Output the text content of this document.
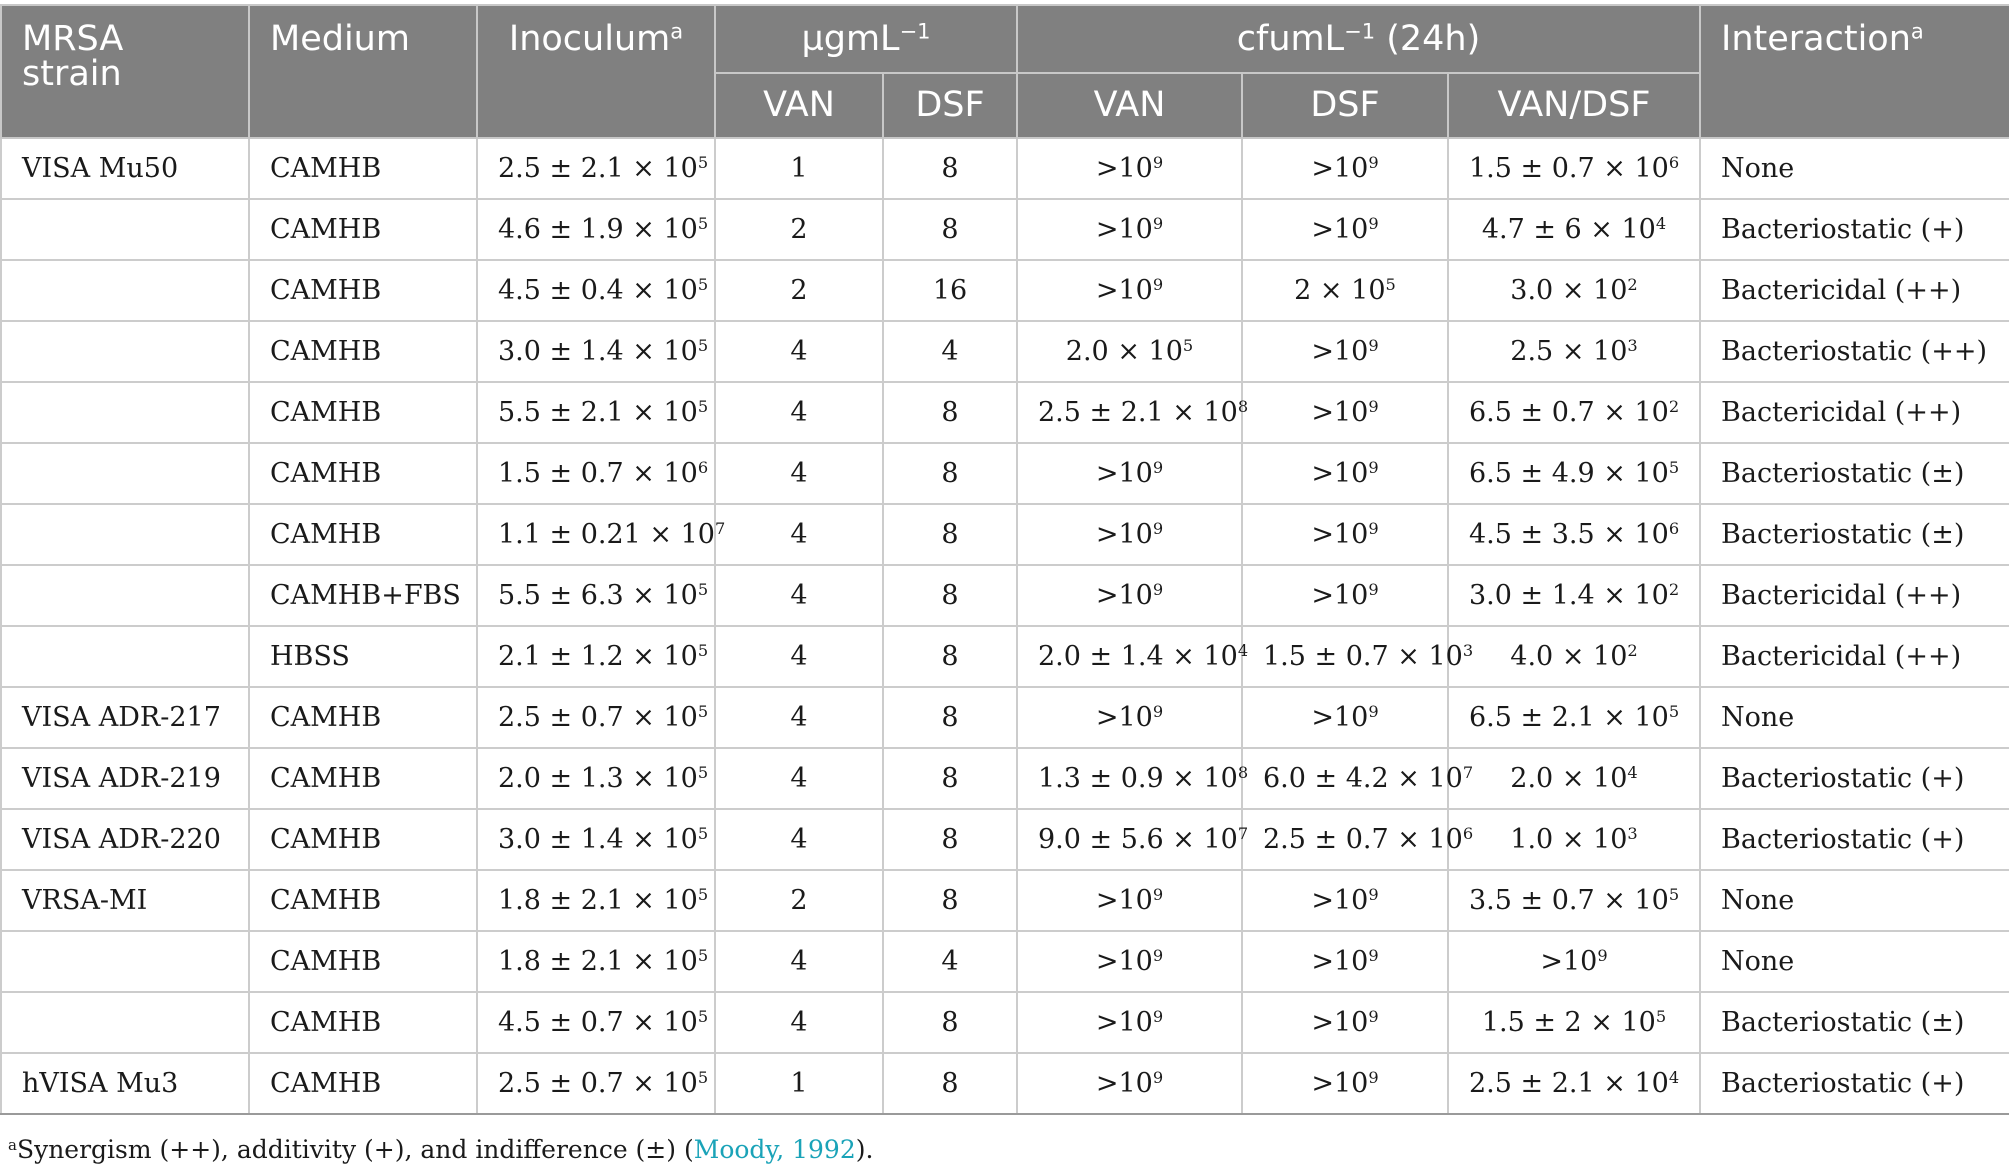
MRSA strain	Medium	Inoculum$^a$	µgmL$^{-1}$		cfumL$^{-1}$ (24h)			Interaction$^a$
			VAN	DSF	VAN	DSF	VAN/DSF	
VISA Mu50	CAMHB	$2.5 \pm 2.1 \times 10^5$	1	8	$>10^9$	$>10^9$	$1.5 \pm 0.7 \times 10^6$	None
	CAMHB	$4.6 \pm 1.9 \times 10^5$	2	8	$>10^9$	$>10^9$	$4.7 \pm 6 \times 10^4$	Bacteriostatic (+)
	CAMHB	$4.5 \pm 0.4 \times 10^5$	2	16	$>10^9$	$2 \times 10^5$	$3.0 \times 10^2$	Bactericidal (++)
	CAMHB	$3.0 \pm 1.4 \times 10^5$	4	4	$2.0 \times 10^5$	$>10^9$	$2.5 \times 10^3$	Bacteriostatic (++)
	CAMHB	$5.5 \pm 2.1 \times 10^5$	4	8	$2.5 \pm 2.1 \times 10^8$	$>10^9$	$6.5 \pm 0.7 \times 10^2$	Bactericidal (++)
	CAMHB	$1.5 \pm 0.7 \times 10^6$	4	8	$>10^9$	$>10^9$	$6.5 \pm 4.9 \times 10^5$	Bacteriostatic (±)
	CAMHB	$1.1 \pm 0.21 \times 10^7$	4	8	$>10^9$	$>10^9$	$4.5 \pm 3.5 \times 10^6$	Bacteriostatic (±)
	CAMHB+FBS	$5.5 \pm 6.3 \times 10^5$	4	8	$>10^9$	$>10^9$	$3.0 \pm 1.4 \times 10^2$	Bactericidal (++)
	HBSS	$2.1 \pm 1.2 \times 10^5$	4	8	$2.0 \pm 1.4 \times 10^4$	$1.5 \pm 0.7 \times 10^3$	$4.0 \times 10^2$	Bactericidal (++)
VISA ADR-217	CAMHB	$2.5 \pm 0.7 \times 10^5$	4	8	$>10^9$	$>10^9$	$6.5 \pm 2.1 \times 10^5$	None
VISA ADR-219	CAMHB	$2.0 \pm 1.3 \times 10^5$	4	8	$1.3 \pm 0.9 \times 10^8$	$6.0 \pm 4.2 \times 10^7$	$2.0 \times 10^4$	Bacteriostatic (+)
VISA ADR-220	CAMHB	$3.0 \pm 1.4 \times 10^5$	4	8	$9.0 \pm 5.6 \times 10^7$	$2.5 \pm 0.7 \times 10^6$	$1.0 \times 10^3$	Bacteriostatic (+)
VRSA-MI	CAMHB	$1.8 \pm 2.1 \times 10^5$	2	8	$>10^9$	$>10^9$	$3.5 \pm 0.7 \times 10^5$	None
	CAMHB	$1.8 \pm 2.1 \times 10^5$	4	4	$>10^9$	$>10^9$	$>10^9$	None
	CAMHB	$4.5 \pm 0.7 \times 10^5$	4	8	$>10^9$	$>10^9$	$1.5 \pm 2 \times 10^5$	Bacteriostatic (±)
hVISA Mu3	CAMHB	$2.5 \pm 0.7 \times 10^5$	1	8	$>10^9$	$>10^9$	$2.5 \pm 2.1 \times 10^4$	Bacteriostatic (+)
$^a$Synergism (++), additivity (+), and indifference (±) (Moody, 1992).
